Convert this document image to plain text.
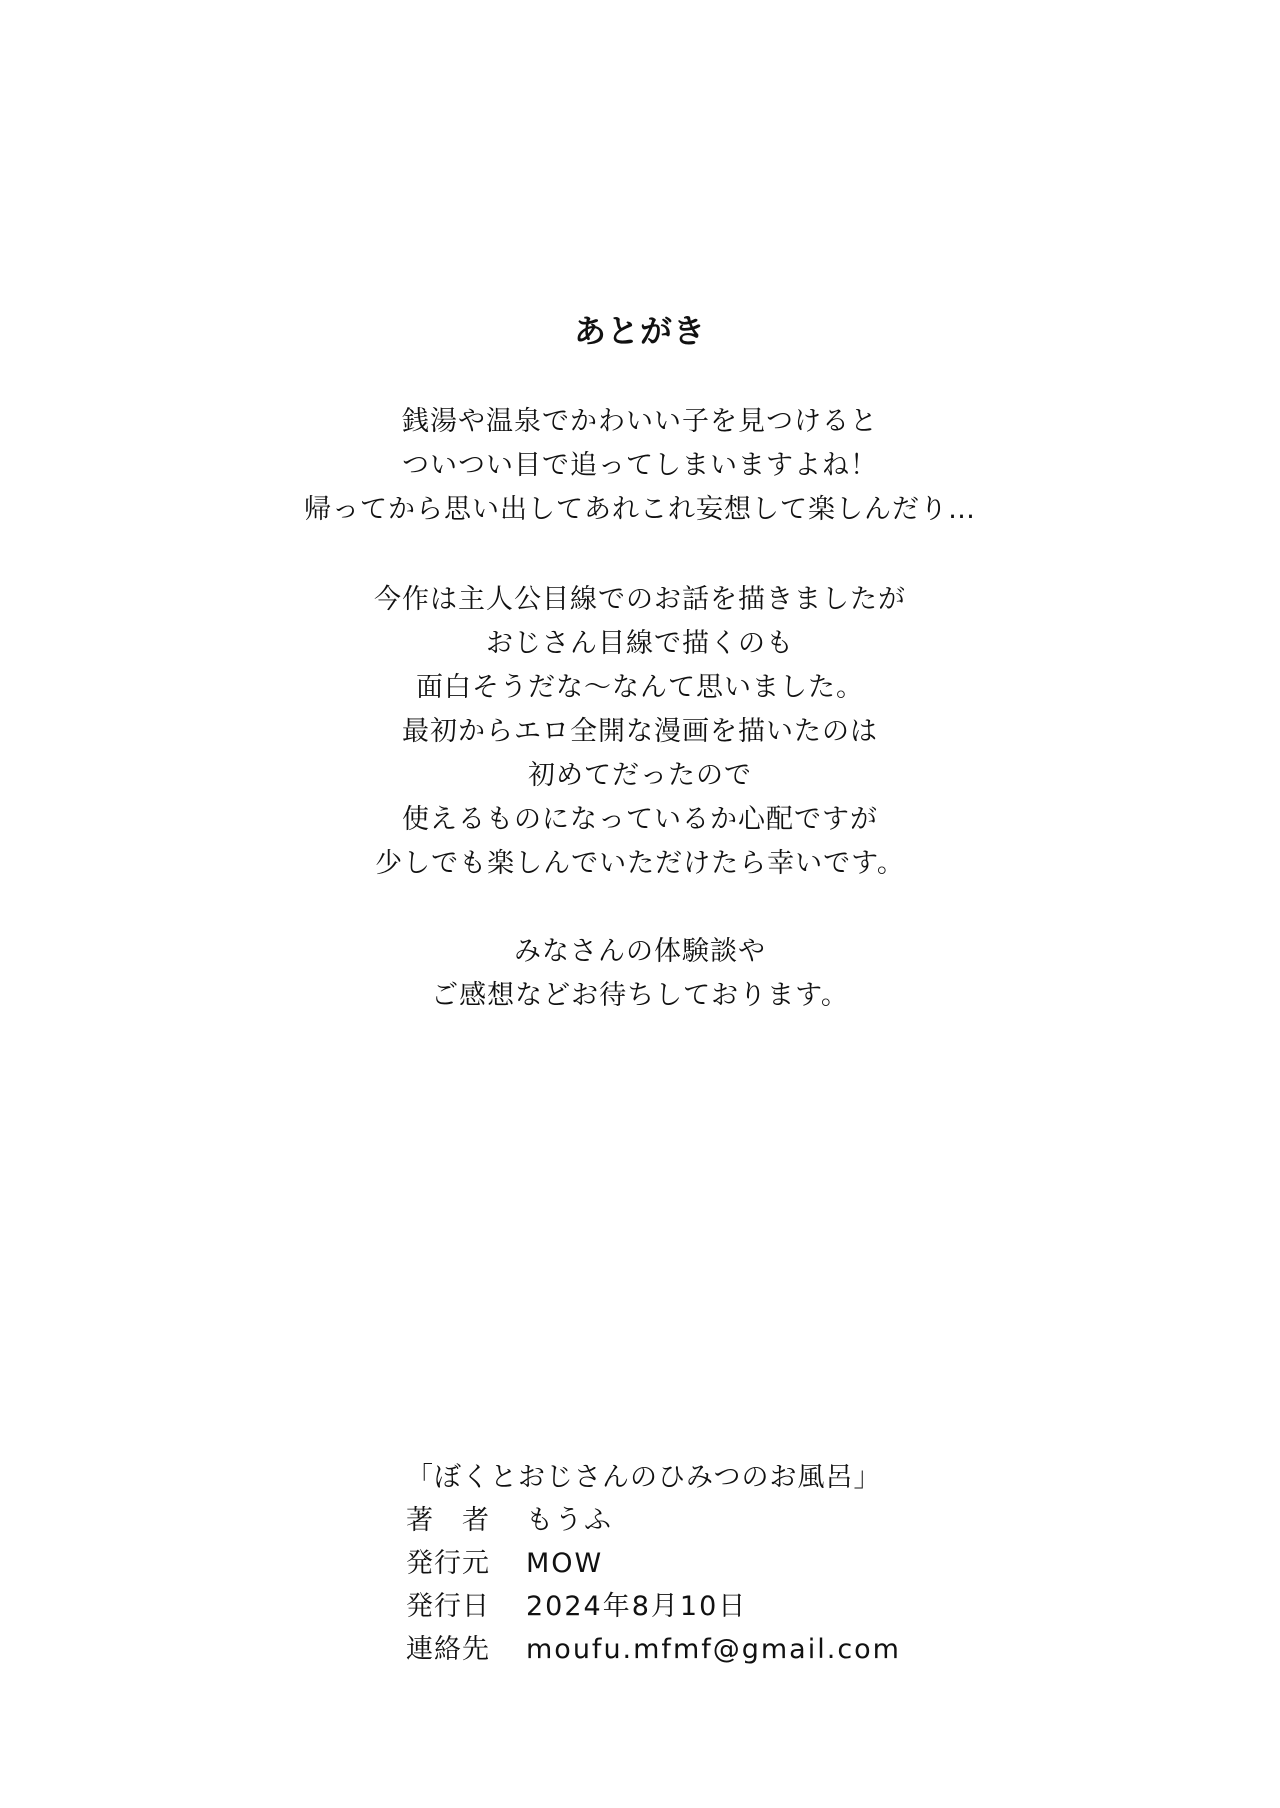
あとがき
銭湯や温泉でかわいい子を見つけると
ついつい目で追ってしまいますよね！
帰ってから思い出してあれこれ妄想して楽しんだり…
今作は主人公目線でのお話を描きましたが
おじさん目線で描くのも
面白そうだな～なんて思いました。
最初からエロ全開な漫画を描いたのは
初めてだったので
使えるものになっているか心配ですが
少しでも楽しんでいただけたら幸いです。
みなさんの体験談や
ご感想などお待ちしております。
「ぼくとおじさんのひみつのお風呂」
著　者	もうふ
発行元	MOW
発行日	2024年8月10日
連絡先	moufu.mfmf@gmail.com
